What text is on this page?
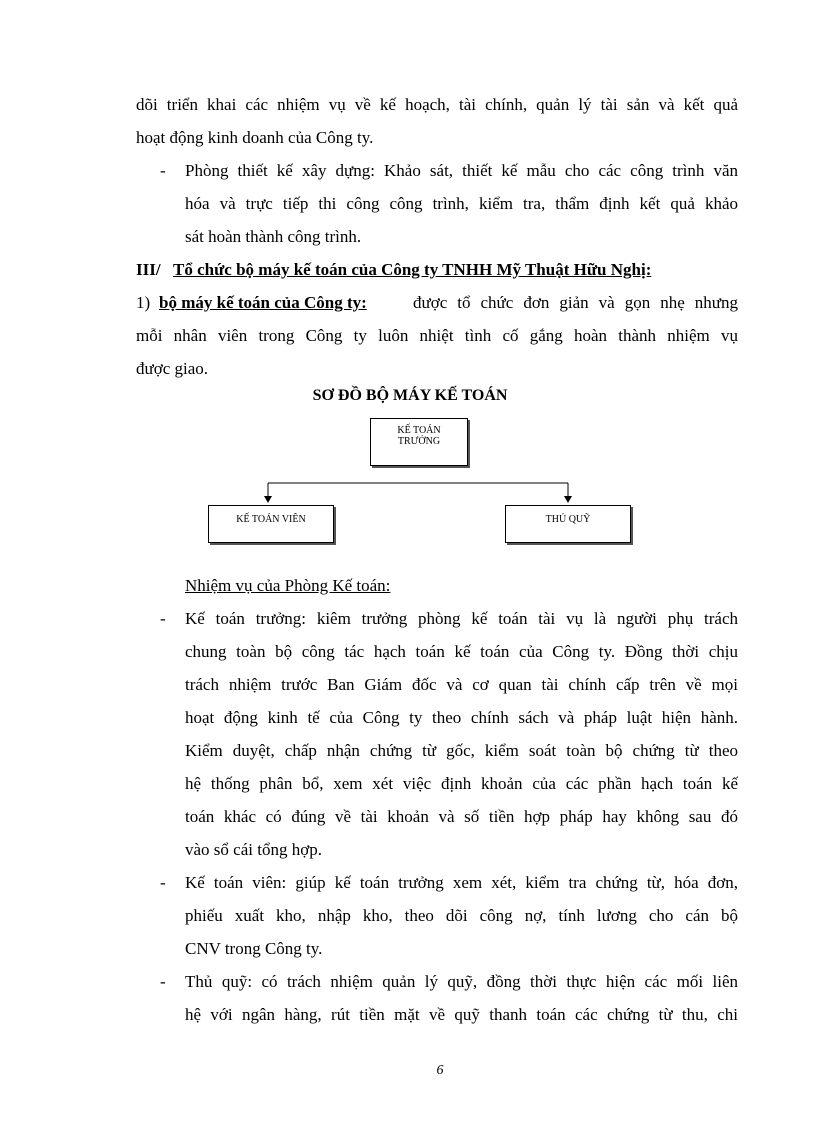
dõi triển khai các nhiệm vụ về kế hoạch, tài chính, quản lý tài sản và kết quả
hoạt động kinh doanh của Công ty.
- Phòng thiết kế xây dựng: Khảo sát, thiết kế mẫu cho các công trình văn
hóa và trực tiếp thi công công trình, kiểm tra, thẩm định kết quả khảo
sát hoàn thành công trình.
III/ Tổ chức bộ máy kế toán của Công ty TNHH Mỹ Thuật Hữu Nghị:
1) bộ máy kế toán của Công ty:	được tổ chức đơn giản và gọn nhẹ nhưng
mỗi nhân viên trong Công ty luôn nhiệt tình cố gắng hoàn thành nhiệm vụ
được giao.
SƠ ĐỒ BỘ MÁY KẾ TOÁN
KẾ TOÁN
TRƯỞNG
KẾ TOÁN VIÊN	THỦ QUỸ
Nhiệm vụ của Phòng Kế toán:
- Kế toán trưởng: kiêm trưởng phòng kế toán tài vụ là người phụ trách
chung toàn bộ công tác hạch toán kế toán của Công ty. Đồng thời chịu
trách nhiệm trước Ban Giám đốc và cơ quan tài chính cấp trên về mọi
hoạt động kinh tế của Công ty theo chính sách và pháp luật hiện hành.
Kiểm duyệt, chấp nhận chứng từ gốc, kiểm soát toàn bộ chứng từ theo
hệ thống phân bổ, xem xét việc định khoản của các phần hạch toán kế
toán khác có đúng về tài khoản và số tiền hợp pháp hay không sau đó
vào sổ cái tổng hợp.
- Kế toán viên: giúp kế toán trưởng xem xét, kiểm tra chứng từ, hóa đơn,
phiếu xuất kho, nhập kho, theo dõi công nợ, tính lương cho cán bộ
CNV trong Công ty.
- Thủ quỹ: có trách nhiệm quản lý quỹ, đồng thời thực hiện các mối liên
hệ với ngân hàng, rút tiền mặt về quỹ thanh toán các chứng từ thu, chi
6
